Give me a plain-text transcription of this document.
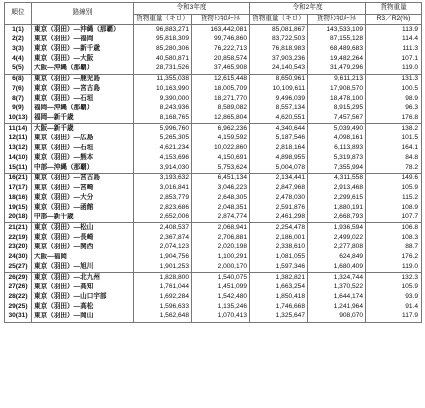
順位	路線別	令和3年度		令和2年度		貨物重量
		貨物重量（キロ）	貨物ﾄﾝｷﾛﾒｰﾄﾙ	貨物重量（キロ）	貨物ﾄﾝｷﾛﾒｰﾄﾙ	R3／R2(%)
1(1)	東京（羽田）―沖縄（那覇）	96,883,271	163,442,081	85,081,867	143,533,109	113.9
2(2)	東京（羽田）―福岡	95,818,309	99,746,860	83,722,503	87,155,128	114.4
3(3)	東京（羽田）―新千歳	85,280,306	76,222,713	76,818,983	68,489,683	111.3
4(4)	東京（羽田）―大阪	40,580,871	20,858,574	37,903,236	19,482,264	107.1
5(5)	大阪―沖縄（那覇）	28,731,526	37,465,908	24,140,543	31,479,296	119.0
6(8)	東京（羽田）―鹿児島	11,355,038	12,615,448	8,650,961	9,611,213	131.3
7(6)	東京（羽田）―宮古島	10,163,990	18,005,709	10,109,611	17,908,570	100.5
8(7)	東京（羽田）―石垣	9,390,000	18,271,770	9,496,039	18,478,100	98.9
9(9)	福岡―沖縄（那覇）	8,243,936	8,589,082	8,557,134	8,915,295	96.3
10(13)	福岡―新千歳	8,168,765	12,865,804	4,620,551	7,457,567	176.8
11(14)	大阪―新千歳	5,996,760	6,962,236	4,340,644	5,039,490	138.2
12(11)	東京（羽田）―広島	5,265,305	4,159,592	5,187,546	4,098,161	101.5
13(12)	東京（羽田）―石垣	4,621,234	10,022,860	2,818,164	6,113,893	164.1
14(10)	東京（羽田）―熊本	4,153,696	4,150,691	4,898,955	5,319,873	84.8
15(11)	中部―沖縄（那覇）	3,914,030	5,753,624	5,004,078	7,355,994	78.2
16(21)	東京（羽田）―宮古島	3,193,632	6,451,134	2,134,441	4,311,558	149.6
17(17)	東京（羽田）―宮崎	3,016,841	3,046,223	2,847,968	2,913,468	105.9
18(16)	東京（羽田）―大分	2,853,779	2,648,305	2,478,030	2,299,615	115.2
19(15)	東京（羽田）―函館	2,823,686	2,048,351	2,591,876	1,880,191	108.9
20(18)	中部―新千歳	2,652,006	2,874,774	2,461,298	2,668,793	107.7
21(21)	東京（羽田）―松山	2,408,537	2,068,941	2,254,478	1,936,594	106.8
22(19)	東京（羽田）―長崎	2,367,874	2,706,881	2,186,001	2,499,022	108.3
23(20)	東京（羽田）―関西	2,074,123	2,020,198	2,338,610	2,277,808	88.7
24(30)	大阪―福岡	1,904,756	1,100,291	1,081,055	624,849	176.2
25(27)	東京（羽田）―旭川	1,901,253	2,000,170	1,597,346	1,680,409	119.0
26(29)	東京（羽田）―北九州	1,828,800	1,540,075	1,382,821	1,324,744	132.3
27(26)	東京（羽田）―高知	1,761,044	1,451,099	1,663,254	1,370,522	105.9
28(22)	東京（羽田）―山口宇部	1,692,284	1,542,480	1,850,418	1,644,174	93.9
29(25)	東京（羽田）―高松	1,596,633	1,135,246	1,746,668	1,241,964	91.4
30(31)	東京（羽田）―岡山	1,562,648	1,070,413	1,325,647	908,070	117.9
